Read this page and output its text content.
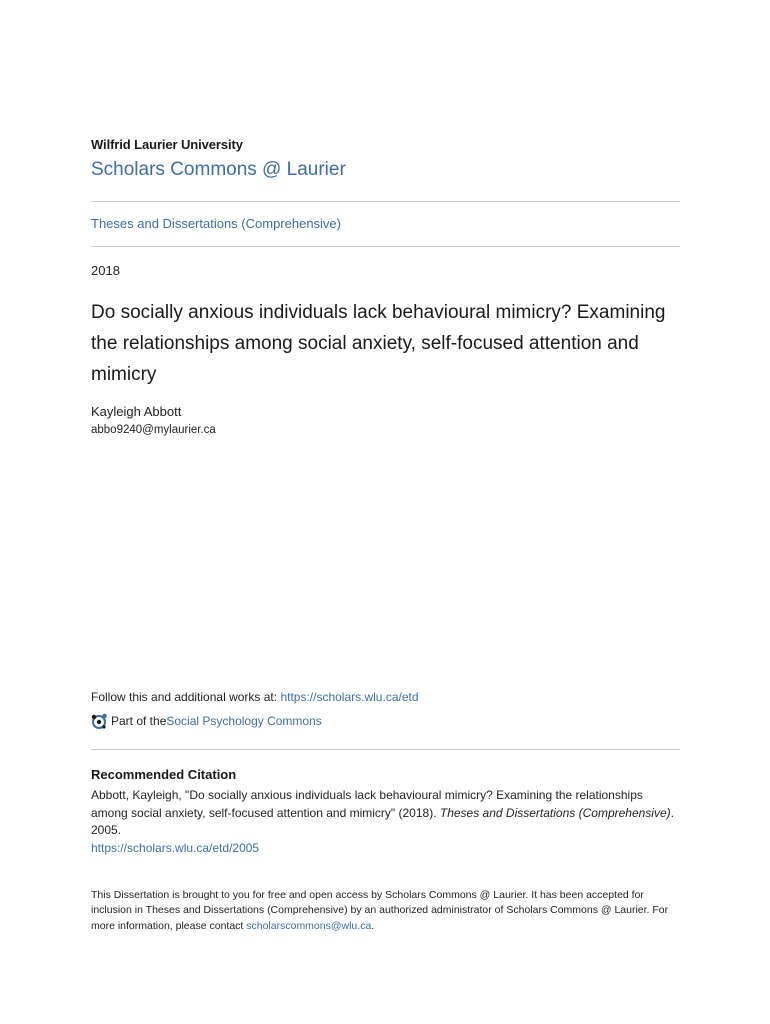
Wilfrid Laurier University
Scholars Commons @ Laurier
Theses and Dissertations (Comprehensive)
2018
Do socially anxious individuals lack behavioural mimicry? Examining the relationships among social anxiety, self-focused attention and mimicry
Kayleigh Abbott
abbo9240@mylaurier.ca
Follow this and additional works at: https://scholars.wlu.ca/etd
Part of the Social Psychology Commons
Recommended Citation
Abbott, Kayleigh, "Do socially anxious individuals lack behavioural mimicry? Examining the relationships among social anxiety, self-focused attention and mimicry" (2018). Theses and Dissertations (Comprehensive). 2005.
https://scholars.wlu.ca/etd/2005
This Dissertation is brought to you for free and open access by Scholars Commons @ Laurier. It has been accepted for inclusion in Theses and Dissertations (Comprehensive) by an authorized administrator of Scholars Commons @ Laurier. For more information, please contact scholarscommons@wlu.ca.
